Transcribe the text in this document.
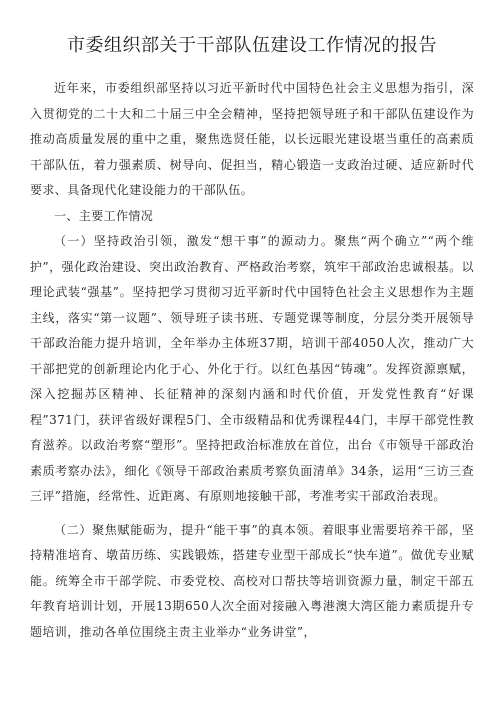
市委组织部关于干部队伍建设工作情况的报告

近年来，市委组织部坚持以习近平新时代中国特色社会主义思想为指引，深入贯彻党的二十大和二十届三中全会精神，坚持把领导班子和干部队伍建设作为推动高质量发展的重中之重，聚焦选贤任能，以长远眼光建设堪当重任的高素质干部队伍，着力强素质、树导向、促担当，精心锻造一支政治过硬、适应新时代要求、具备现代化建设能力的干部队伍。

一、主要工作情况

（一）坚持政治引领，激发“想干事”的源动力。聚焦“两个确立”“两个维护”，强化政治建设、突出政治教育、严格政治考察，筑牢干部政治忠诚根基。以理论武装“强基”。坚持把学习贯彻习近平新时代中国特色社会主义思想作为主题主线，落实“第一议题”、领导班子读书班、专题党课等制度，分层分类开展领导干部政治能力提升培训，全年举办主体班37期，培训干部4050人次，推动广大干部把党的创新理论内化于心、外化于行。以红色基因“铸魂”。发挥资源禀赋，深入挖掘苏区精神、长征精神的深刻内涵和时代价值，开发党性教育“好课程”371门，获评省级好课程5门、全市级精品和优秀课程44门，丰厚干部党性教育滋养。以政治考察“塑形”。坚持把政治标准放在首位，出台《市领导干部政治素质考察办法》，细化《领导干部政治素质考察负面清单》34条，运用“三访三查三评”措施，经常性、近距离、有原则地接触干部，考准考实干部政治表现。

（二）聚焦赋能砺为，提升“能干事”的真本领。着眼事业需要培养干部，坚持精准培育、墩苗历练、实践锻炼，搭建专业型干部成长“快车道”。做优专业赋能。统筹全市干部学院、市委党校、高校对口帮扶等培训资源力量，制定干部五年教育培训计划，开展13期650人次全面对接融入粤港澳大湾区能力素质提升专题培训，推动各单位围绕主责主业举办“业务讲堂”，
